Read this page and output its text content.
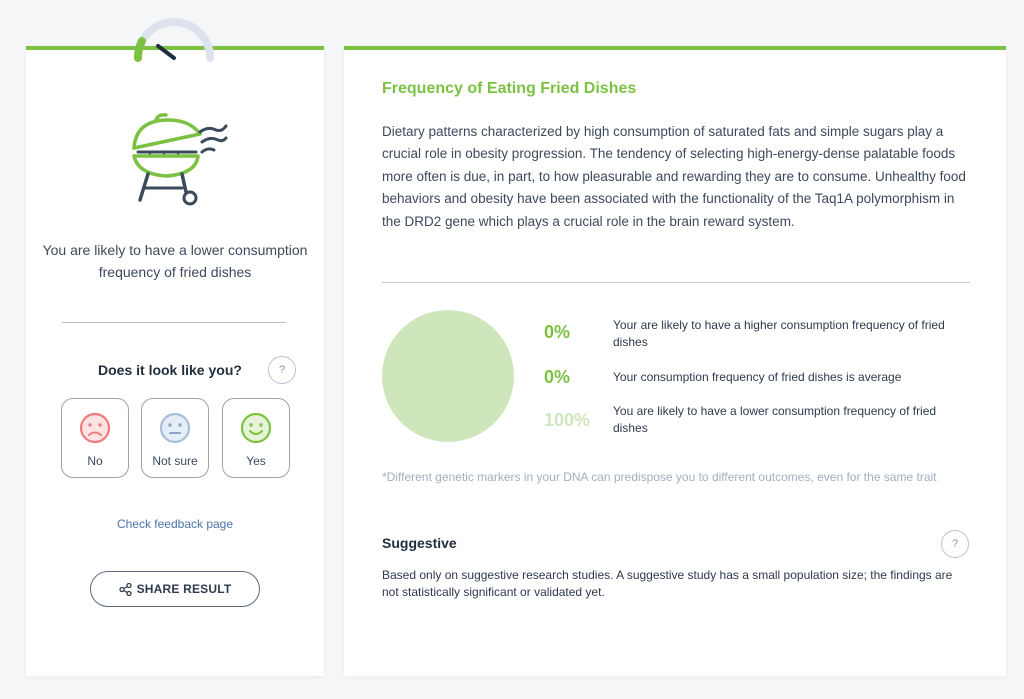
You are likely to have a lower consumption frequency of fried dishes
Does it look like you?	?
No	Not sure	Yes
Check feedback page
SHARE RESULT
Frequency of Eating Fried Dishes
Dietary patterns characterized by high consumption of saturated fats and simple sugars play a crucial role in obesity progression. The tendency of selecting high-energy-dense palatable foods more often is due, in part, to how pleasurable and rewarding they are to consume. Unhealthy food behaviors and obesity have been associated with the functionality of the Taq1A polymorphism in the DRD2 gene which plays a crucial role in the brain reward system.
0%	Your are likely to have a higher consumption frequency of fried dishes
0%	Your consumption frequency of fried dishes is average
100% You are likely to have a lower consumption frequency of fried dishes
*Different genetic markers in your DNA can predispose you to different outcomes, even for the same trait
Suggestive	?
Based only on suggestive research studies. A suggestive study has a small population size; the findings are not statistically significant or validated yet.
